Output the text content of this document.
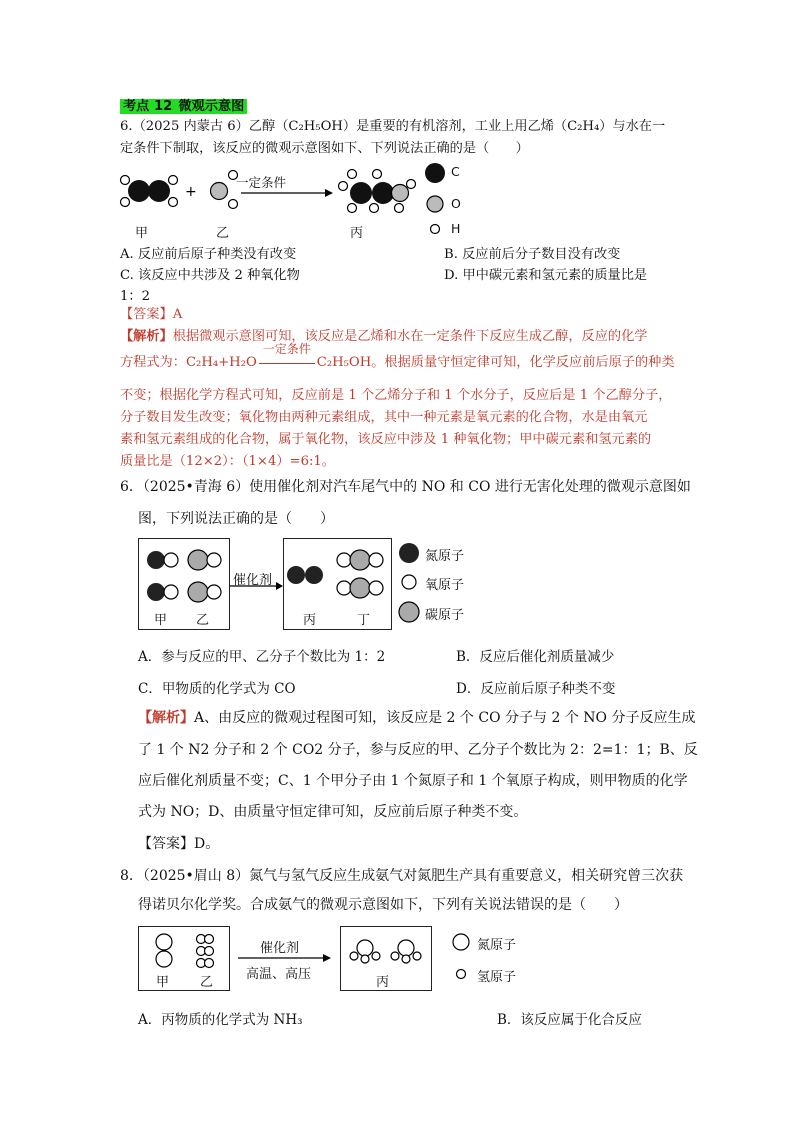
考点 12 微观示意图
6.（2025 内蒙古 6）乙醇（C₂H₅OH）是重要的有机溶剂，工业上用乙烯（C₂H₄）与水在一
定条件下制取，该反应的微观示意图如下、下列说法正确的是（　　）
+
一定条件
甲	乙	丙
C
O
H
A. 反应前后原子种类没有改变	B. 反应前后分子数目没有改变
C. 该反应中共涉及 2 种氧化物	D. 甲中碳元素和氢元素的质量比是
1：2
【答案】A
【解析】根据微观示意图可知，该反应是乙烯和水在一定条件下反应生成乙醇，反应的化学
方程式为：C₂H₄+H₂O
一定条件
C₂H₅OH。根据质量守恒定律可知，化学反应前后原子的种类
不变；根据化学方程式可知，反应前是 1 个乙烯分子和 1 个水分子，反应后是 1 个乙醇分子，
分子数目发生改变；氧化物由两种元素组成，其中一种元素是氧元素的化合物，水是由氧元
素和氢元素组成的化合物，属于氧化物，该反应中涉及 1 种氧化物；甲中碳元素和氢元素的
质量比是（12×2）：（1×4）=6:1。
6．（2025•青海 6）使用催化剂对汽车尾气中的 NO 和 CO 进行无害化处理的微观示意图如
图，下列说法正确的是（　　）
催化剂
甲 乙	丙	丁
氮原子
氧原子
碳原子
A．参与反应的甲、乙分子个数比为 1：2	B．反应后催化剂质量减少
C．甲物质的化学式为 CO	D．反应前后原子种类不变
【解析】A、由反应的微观过程图可知，该反应是 2 个 CO 分子与 2 个 NO 分子反应生成
了 1 个 N2 分子和 2 个 CO2 分子，参与反应的甲、乙分子个数比为 2：2=1：1；B、反
应后催化剂质量不变；C、1 个甲分子由 1 个氮原子和 1 个氧原子构成，则甲物质的化学
式为 NO；D、由质量守恒定律可知，反应前后原子种类不变。
【答案】D。
8．（2025•眉山 8）氮气与氢气反应生成氨气对氮肥生产具有重要意义，相关研究曾三次获
得诺贝尔化学奖。合成氨气的微观示意图如下，下列有关说法错误的是（　　）
催化剂
高温、高压
甲 乙	丙
氮原子
氢原子
A．丙物质的化学式为 NH₃	B．该反应属于化合反应
